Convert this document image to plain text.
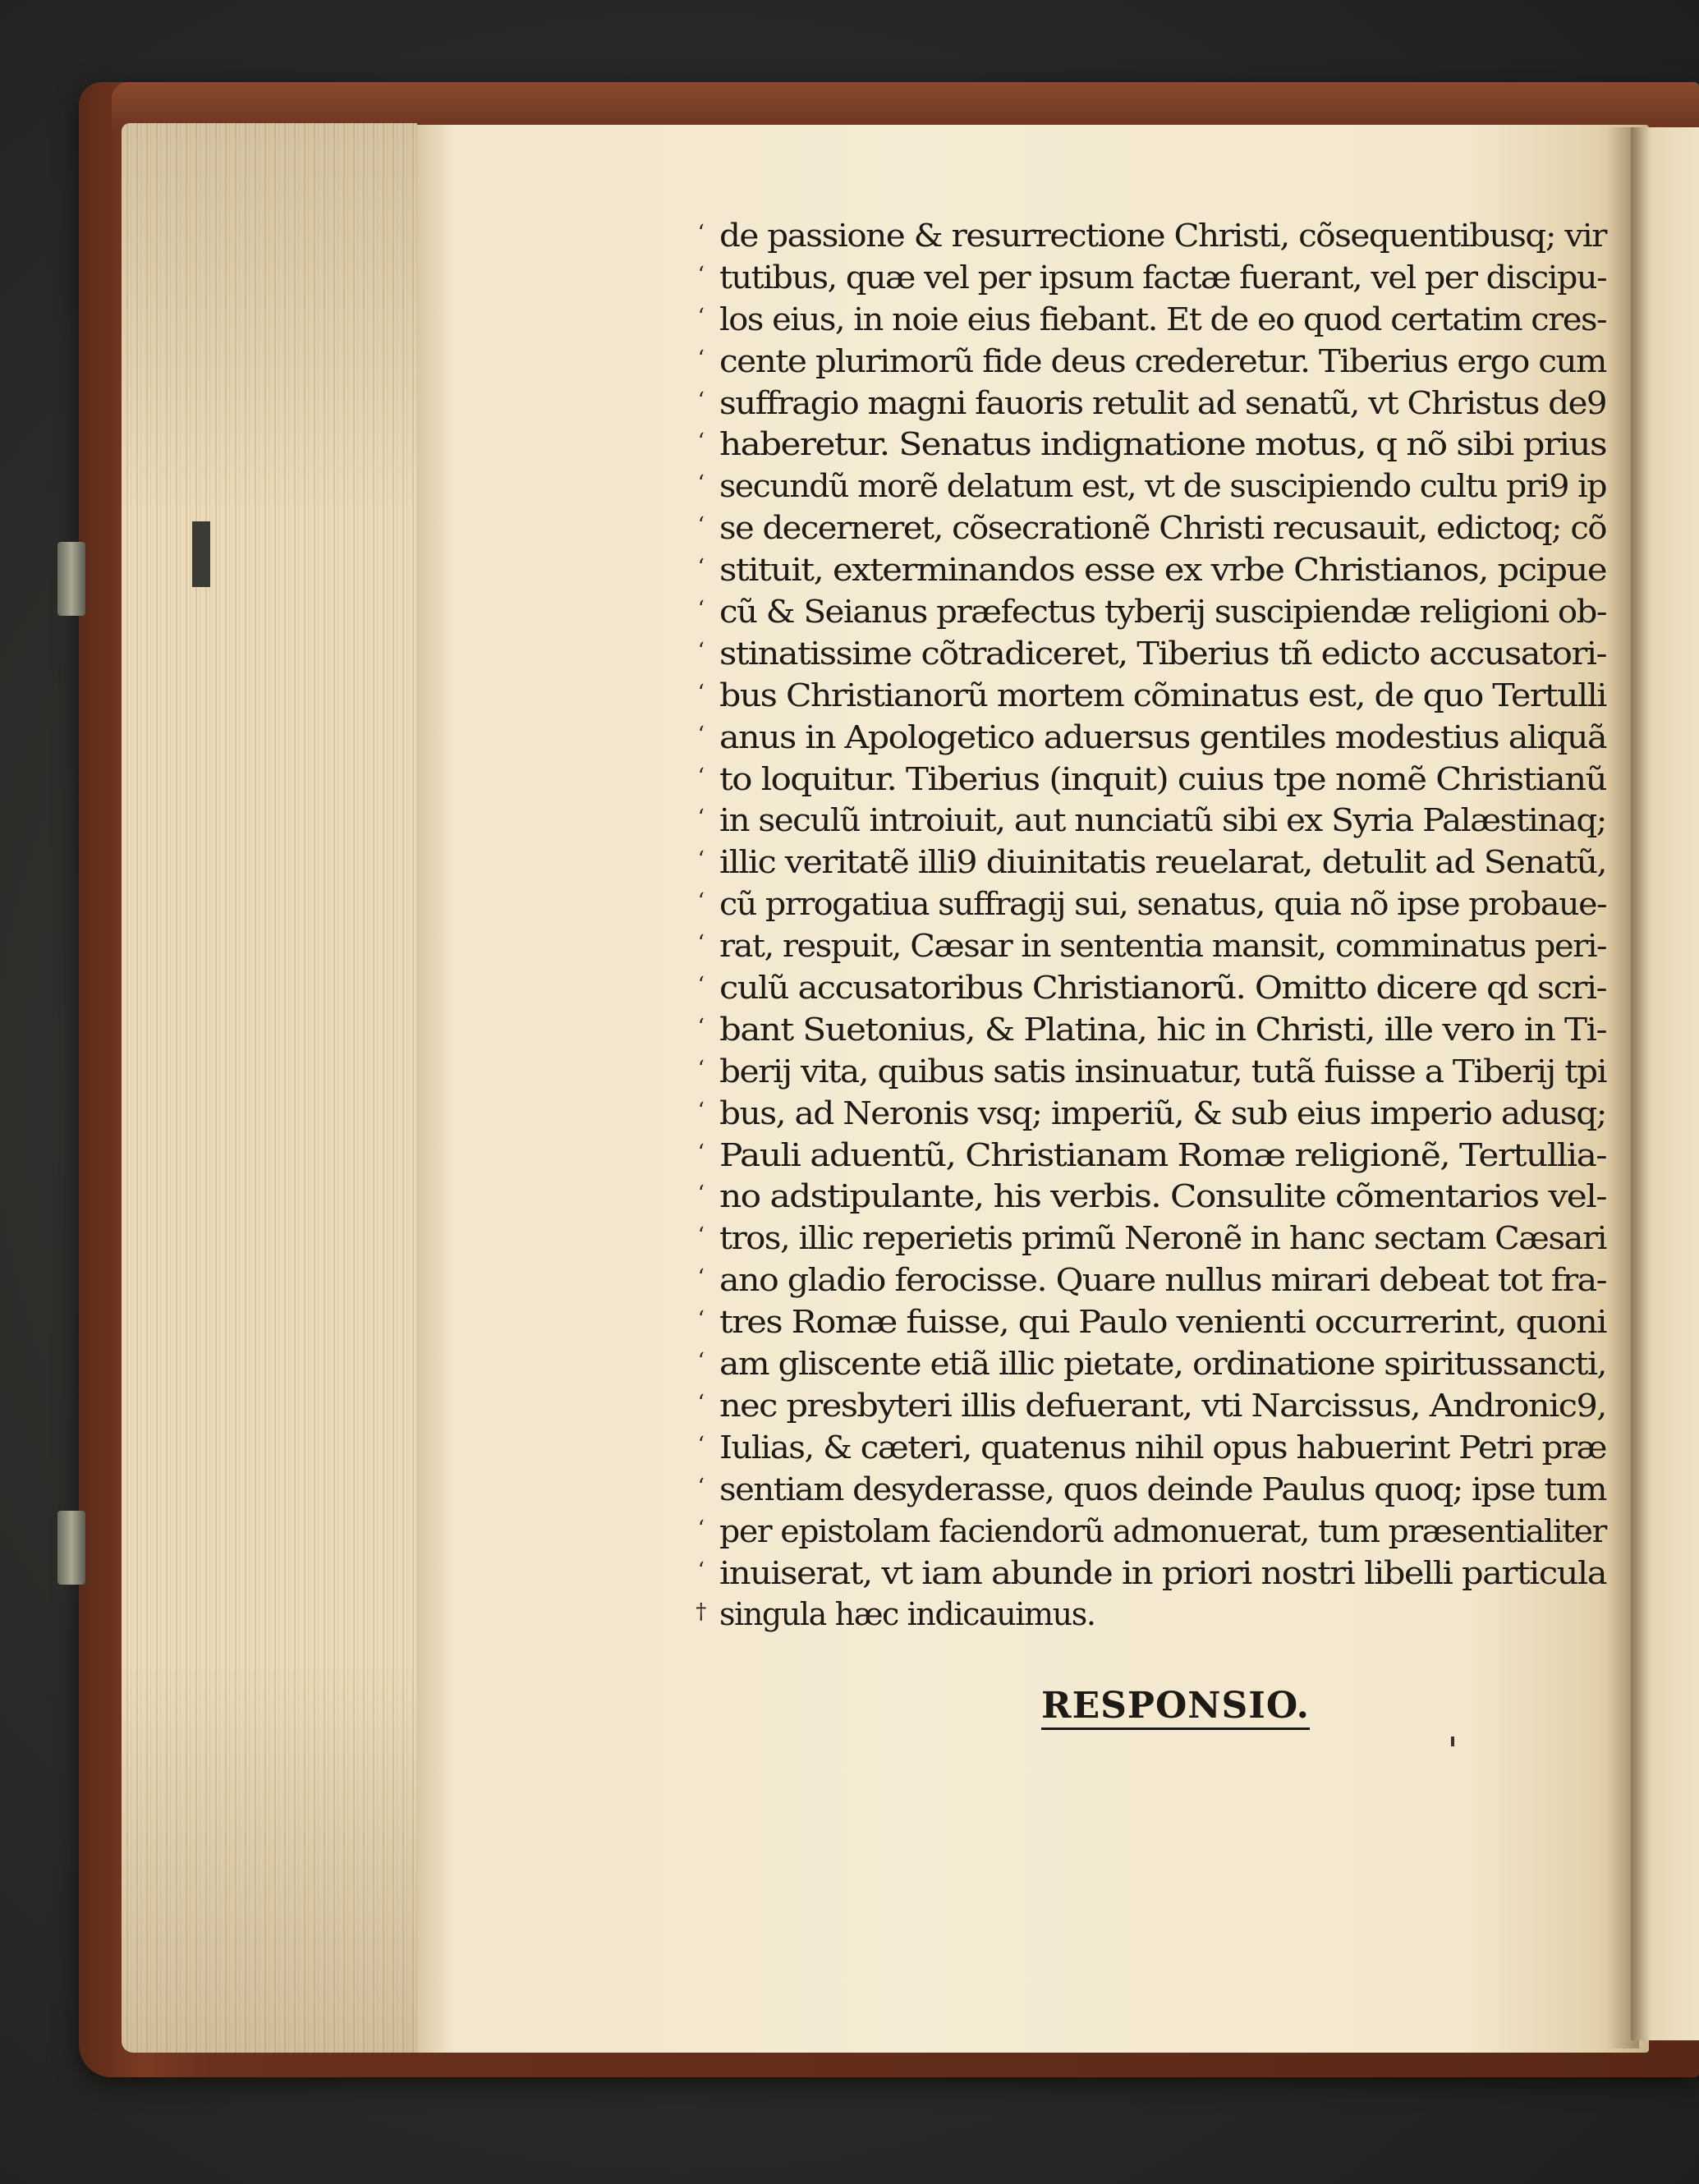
‘ de passione & resurrectione Christi, cõsequentibusq; vir
‘ tutibus, quæ vel per ipsum factæ fuerant, vel per discipu-
‘ los eius, in noie eius fiebant. Et de eo quod certatim cres-
‘ cente plurimorũ fide deus crederetur. Tiberius ergo cum
‘ suffragio magni fauoris retulit ad senatũ, vt Christus de9
‘ haberetur. Senatus indignatione motus, q nõ sibi prius
‘ secundũ morẽ delatum est, vt de suscipiendo cultu pri9 ip
‘ se decerneret, cõsecrationẽ Christi recusauit, edictoq; cõ
‘ stituit, exterminandos esse ex vrbe Christianos, pcipue
‘ cũ & Seianus præfectus tyberij suscipiendæ religioni ob-
‘ stinatissime cõtradiceret, Tiberius tñ edicto accusatori-
‘ bus Christianorũ mortem cõminatus est, de quo Tertulli
‘ anus in Apologetico aduersus gentiles modestius aliquã
‘ to loquitur. Tiberius (inquit) cuius tpe nomẽ Christianũ
‘ in seculũ introiuit, aut nunciatũ sibi ex Syria Palæstinaq;
‘ illic veritatẽ illi9 diuinitatis reuelarat, detulit ad Senatũ,
‘ cũ prrogatiua suffragij sui, senatus, quia nõ ipse probaue-
‘ rat, respuit, Cæsar in sententia mansit, comminatus peri-
‘ culũ accusatoribus Christianorũ. Omitto dicere qd scri-
‘ bant Suetonius, & Platina, hic in Christi, ille vero in Ti-
‘ berij vita, quibus satis insinuatur, tutã fuisse a Tiberij tpi
‘ bus, ad Neronis vsq; imperiũ, & sub eius imperio adusq;
‘ Pauli aduentũ, Christianam Romæ religionẽ, Tertullia-
‘ no adstipulante, his verbis. Consulite cõmentarios vel-
‘ tros, illic reperietis primũ Neronẽ in hanc sectam Cæsari
‘ ano gladio ferocisse. Quare nullus mirari debeat tot fra-
‘ tres Romæ fuisse, qui Paulo venienti occurrerint, quoni
‘ am gliscente etiã illic pietate, ordinatione spiritussancti,
‘ nec presbyteri illis defuerant, vti Narcissus, Andronic9,
‘ Iulias, & cæteri, quatenus nihil opus habuerint Petri præ
‘ sentiam desyderasse, quos deinde Paulus quoq; ipse tum
‘ per epistolam faciendorũ admonuerat, tum præsentialiter
‘ inuiserat, vt iam abunde in priori nostri libelli particula
† singula hæc indicauimus.
RESPONSIO.
